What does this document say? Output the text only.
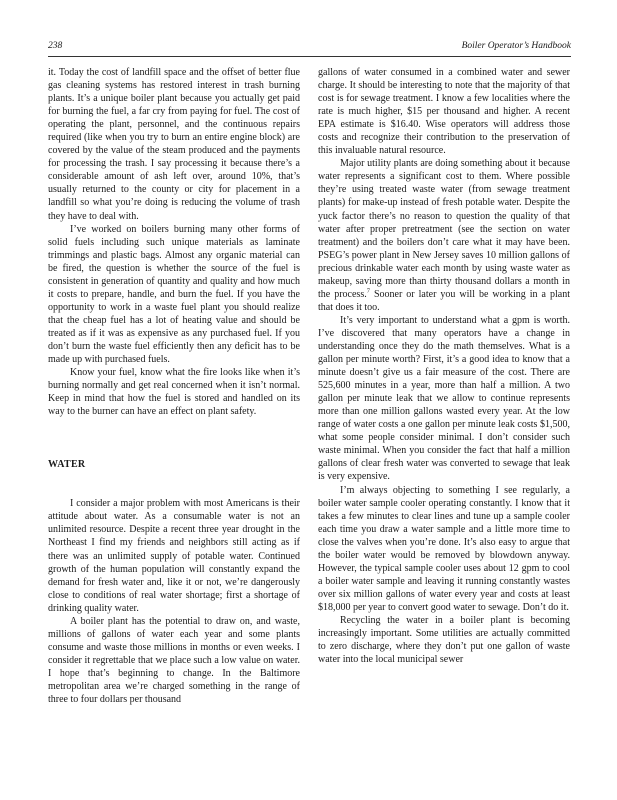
238	Boiler Operator’s Handbook

it. Today the cost of landfill space and the offset of better flue gas cleaning systems has restored interest in trash burning plants. It’s a unique boiler plant because you actually get paid for burning the fuel, a far cry from paying for fuel. The cost of operating the plant, personnel, and the continuous repairs required (like when you try to burn an entire engine block) are covered by the value of the steam produced and the payments for processing the trash. I say processing it because there’s a considerable amount of ash left over, around 10%, that’s usually returned to the county or city for placement in a landfill so what you’re doing is reducing the volume of trash they have to deal with.

I’ve worked on boilers burning many other forms of solid fuels including such unique materials as laminate trimmings and plastic bags. Almost any organic material can be fired, the question is whether the source of the fuel is consistent in generation of quantity and quality and how much it costs to prepare, handle, and burn the fuel. If you have the opportunity to work in a waste fuel plant you should realize that the cheap fuel has a lot of heating value and should be treated as if it was as expensive as any purchased fuel. If you don’t burn the waste fuel efficiently then any deficit has to be made up with purchased fuels.

Know your fuel, know what the fire looks like when it’s burning normally and get real concerned when it isn’t normal. Keep in mind that how the fuel is stored and handled on its way to the burner can have an effect on plant safety.

WATER

I consider a major problem with most Americans is their attitude about water. As a consumable water is not an unlimited resource. Despite a recent three year drought in the Northeast I find my friends and neighbors still acting as if there was an unlimited supply of potable water. Continued growth of the human population will constantly expand the demand for fresh water and, like it or not, we’re dangerously close to conditions of real water shortage; first a shortage of drinking quality water.

A boiler plant has the potential to draw on, and waste, millions of gallons of water each year and some plants consume and waste those millions in months or even weeks. I consider it regrettable that we place such a low value on water. I hope that’s beginning to change. In the Baltimore metropolitan area we’re charged something in the range of three to four dollars per thousand

gallons of water consumed in a combined water and sewer charge. It should be interesting to note that the majority of that cost is for sewage treatment. I know a few localities where the rate is much higher, $15 per thousand and higher. A recent EPA estimate is $16.40. Wise operators will address those costs and recognize their contribution to the preservation of this invaluable natural resource.

Major utility plants are doing something about it because water represents a significant cost to them. Where possible they’re using treated waste water (from sewage treatment plants) for make-up instead of fresh potable water. Despite the yuck factor there’s no reason to question the quality of that water after proper pretreatment (see the section on water treatment) and the boilers don’t care what it may have been. PSEG’s power plant in New Jersey saves 10 million gallons of precious drinkable water each month by using waste water as makeup, saving more than thirty thousand dollars a month in the process.$^7$ Sooner or later you will be working in a plant that does it too.

It’s very important to understand what a gpm is worth. I’ve discovered that many operators have a change in understanding once they do the math themselves. What is a gallon per minute worth? First, it’s a good idea to know that a minute doesn’t give us a fair measure of the cost. There are 525,600 minutes in a year, more than half a million. A two gallon per minute leak that we allow to continue represents more than one million gallons wasted every year. At the low range of water costs a one gallon per minute leak costs $1,500, what some people consider minimal. I don’t consider such waste minimal. When you consider the fact that half a million gallons of clear fresh water was converted to sewage that leak is very expensive.

I’m always objecting to something I see regularly, a boiler water sample cooler operating constantly. I know that it takes a few minutes to clear lines and tune up a sample cooler each time you draw a water sample and a little more time to close the valves when you’re done. It’s also easy to argue that the boiler water would be removed by blowdown anyway. However, the typical sample cooler uses about 12 gpm to cool a boiler water sample and leaving it running constantly wastes over six million gallons of water every year and costs at least $18,000 per year to convert good water to sewage. Don’t do it.

Recycling the water in a boiler plant is becoming increasingly important. Some utilities are actually committed to zero discharge, where they don’t put one gallon of waste water into the local municipal sewer
